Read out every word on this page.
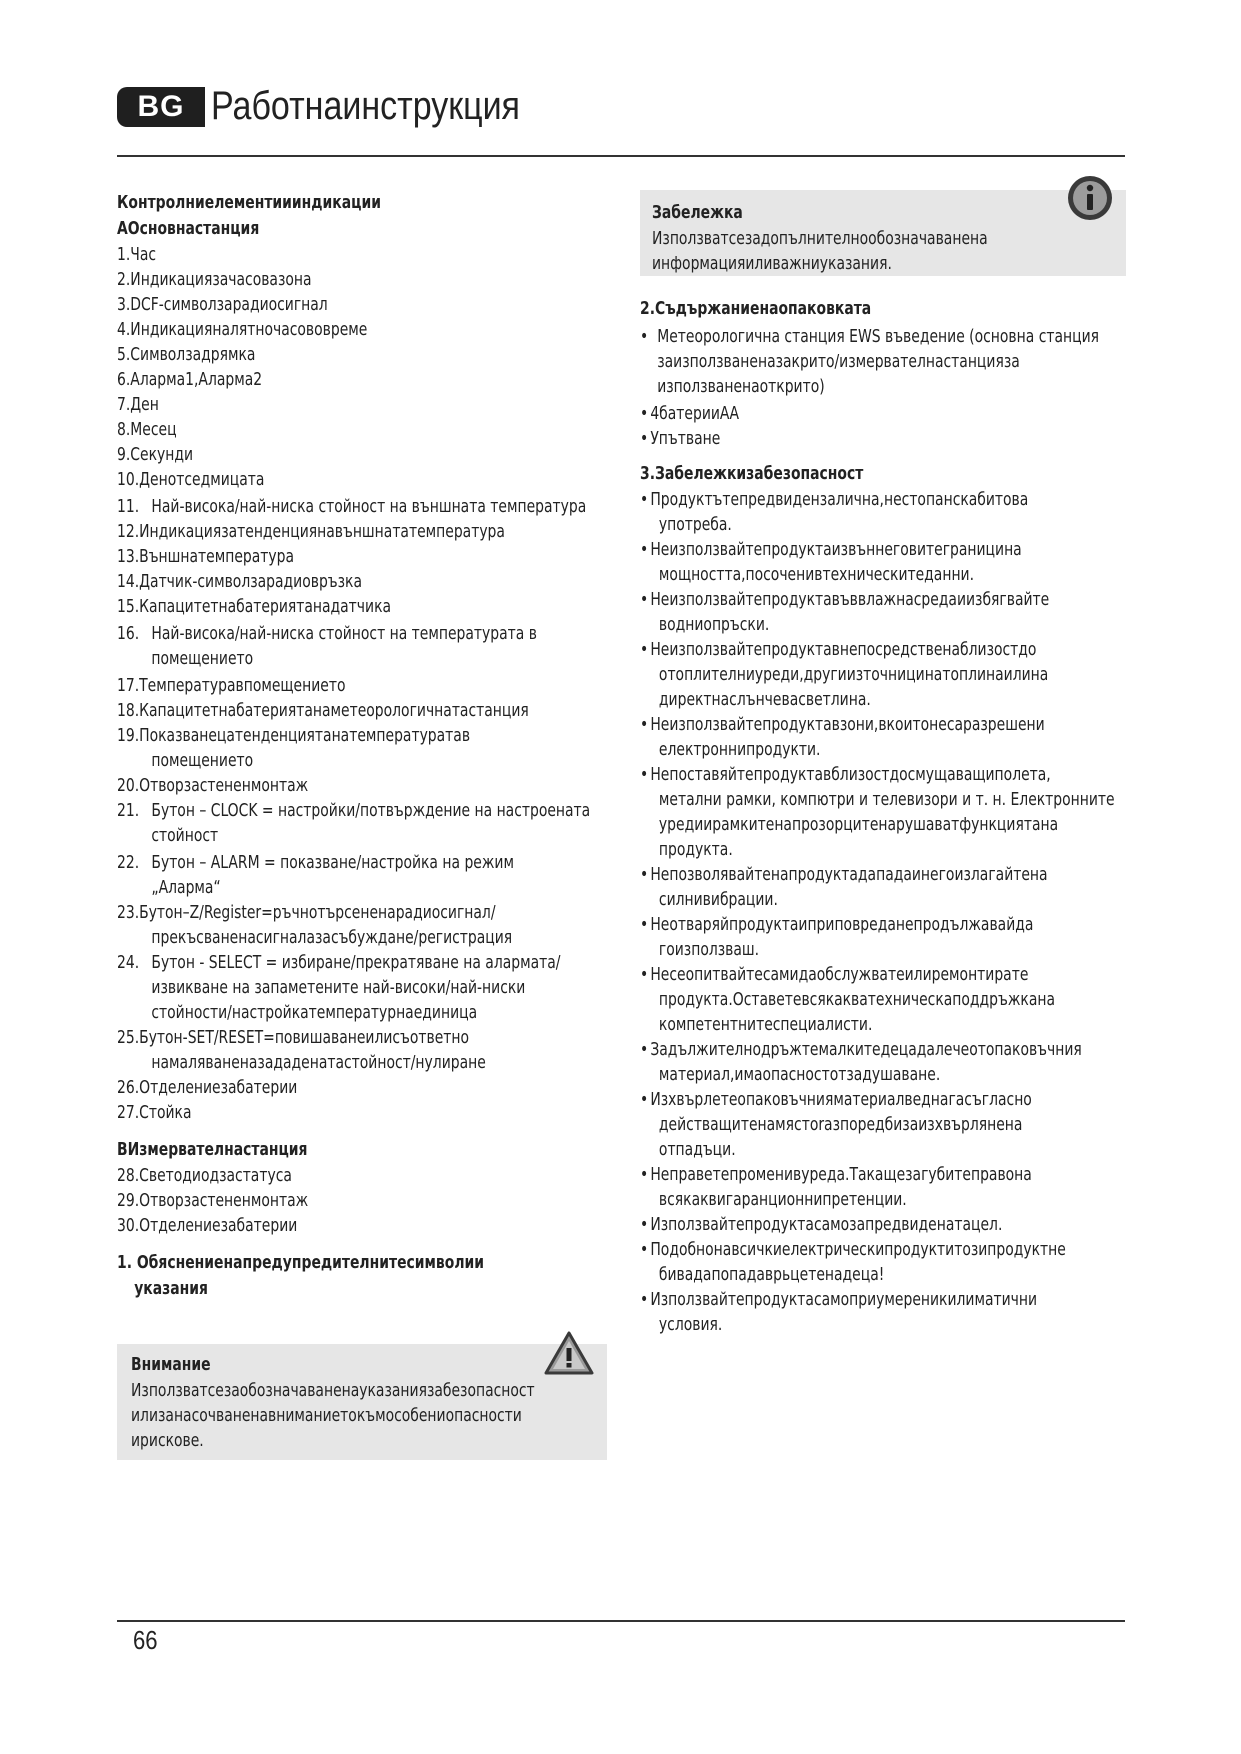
BG Работнаинструкция
Контролниелементиииндикации
АОсновнастанция
1.Час
2.Индикациязачасовазона
3.DCF-символзарадиосигнал
4.Индикацияналятночасововреме
5.Символзадрямка
6.Аларма1,Аларма2
7.Ден
8.Месец
9.Секунди
10.Денотседмицата
11. Най-висока/най-ниска стойност на външната температура
12.Индикациязатенденциянавъншнататемпература
13.Външнатемпература
14.Датчик-символзарадиовръзка
15.Капацитетнабатериятанадатчика
16. Най-висока/най-ниска стойност на температурата в
помещението
17.Температуравпомещението
18.Капацитетнабатериятанаметеорологичнатастанция
19.Показванецатенденциятанатемпературатав
помещението
20.Отворзастененмонтаж
21. Бутон – CLOCK = настройки/потвърждение на настроената
стойност
22. Бутон – ALARM = показване/настройка на режим
„Аларма“
23.Бутон–Z/Register=ръчнотърсененарадиосигнал/
прекъсваненасигналазасъбуждане/регистрация
24. Бутон - SELECT = избиране/прекратяване на алармата/
извикване на запаметените най-високи/най-ниски
стойности/настройкатемпературнаединица
25.Бутон-SET/RESET=повишаванеилисъответно
намаляваненазададенатастойност/нулиране
26.Отделениезабатерии
27.Стойка
ВИзмервателнастанция
28.Светодиодзастатуса
29.Отворзастененмонтаж
30.Отделениезабатерии
1. Обяснениенапредупредителнитесимволии
указания
Внимание
Използватсезаобозначаваненауказаниязабезопасност
илизанасочваненавниманиетокъмособениопасности
ирискове.
Забележка
Използватсезадопълнителнообозначаваненa
информацияиливажниуказания.
2.Съдържаниенаопаковката
• Метеорологична станция EWS въведение (основна станция
заизползваненазакрито/измервателнастанцияза
използваненаоткрито)
• 4батерииАА
• Упътване
3.Забележкизабезопасност
• Продуктътепредвидензалична,нестопанскабитова
употреба.
• Неизползвайтепродуктаизвъннеговитеграницина
мощността,посоченивтехническитеданни.
• Неизползвайтепродуктавъввлажнасредаиизбягвайте
водниопръски.
• Неизползвайтепродуктавнепосредственаблизостдо
отоплителниуреди,другиизточницинатоплинаилина
директнаслънчевасветлина.
• Неизползвайтепродуктавзони,вкоитонесаразрешени
електроннипродукти.
• Непоставяйтепродуктавблизостдосмущаващиполета,
метални рамки, компютри и телевизори и т. н. Електронните
уредиирамкитенапрозорцитенарушаватфункциятана
продукта.
• Непозволявайтенапродуктадападаинегоизлагайтена
силнивибрации.
• Неотваряйпродуктаиприповреданепродължавайда
гоизползваш.
• Несеопитвайтесамидаобслужватеилиремонтирате
продукта.Оставетевсякакватехническаподдръжкана
компетентнитеспециалисти.
• Задължителнодръжтемалкитедецадалечеотопаковъчния
материал,имаопасностотзадушаване.
• Изхвърлетеопаковъчнияматериалведнагасъгласно
действащитенамястоrазпоредбизаизхвърлянена
отпадъци.
• Неправетепроменивуреда.Такащезагубитеправона
всякаквигаранционнипретенции.
• Използвайтепродуктасамозапредвиденатацел.
• Подобнонавсичкиелектрическипродуктитозипродуктне
бивадапопадаврьцетенадеца!
• Използвайтепродуктасамоприумереникилиматични
условия.
66
